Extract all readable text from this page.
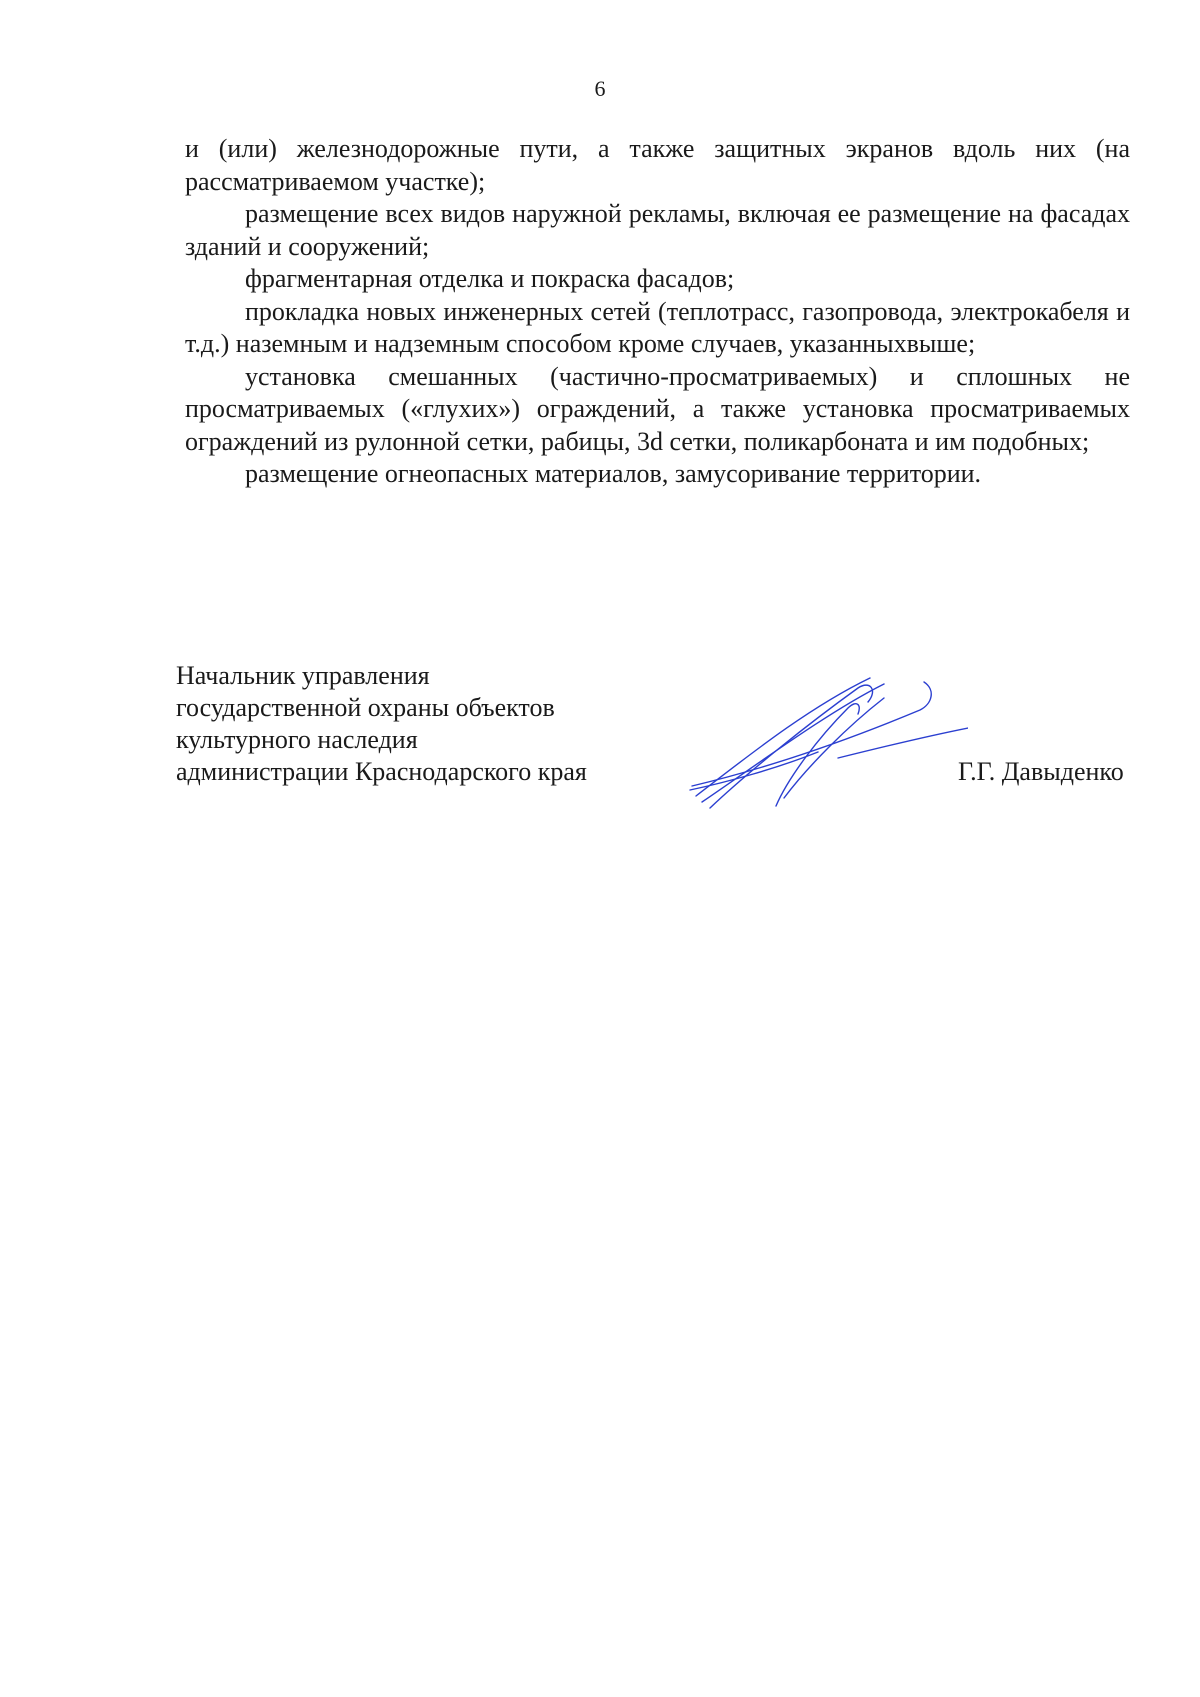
6

и (или) железнодорожные пути, а также защитных экранов вдоль них (на рассматриваемом участке);

размещение всех видов наружной рекламы, включая ее размещение на фасадах зданий и сооружений;

фрагментарная отделка и покраска фасадов;

прокладка новых инженерных сетей (теплотрасс, газопровода, электрокабеля и т.д.) наземным и надземным способом кроме случаев, указанныхвыше;

установка смешанных (частично-просматриваемых) и сплошных не просматриваемых («глухих») ограждений, а также установка просматриваемых ограждений из рулонной сетки, рабицы, 3d сетки, поликарбоната и им подобных;

размещение огнеопасных материалов, замусоривание территории.

Начальник управления
государственной охраны объектов
культурного наследия
администрации Краснодарского края	Г.Г. Давыденко
